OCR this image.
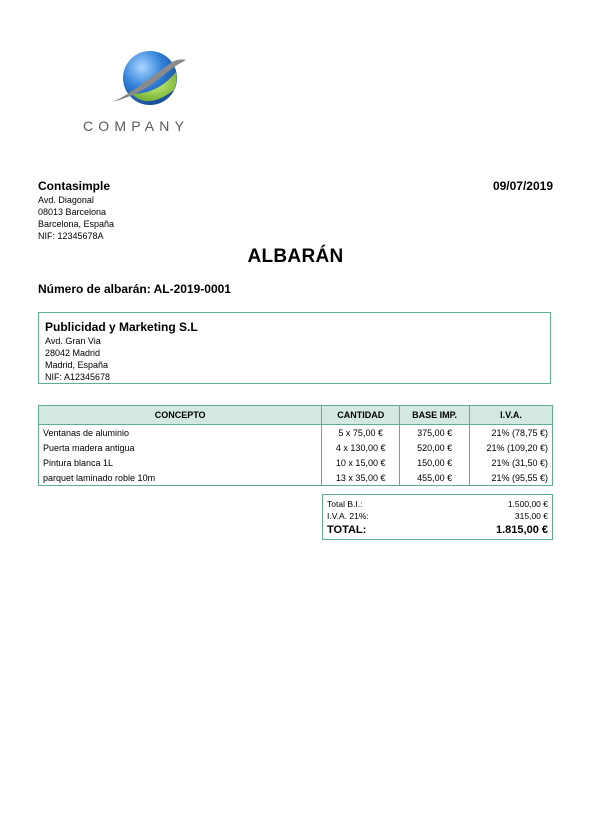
COMPANY
Contasimple
Avd. Diagonal
08013 Barcelona
Barcelona, España
NIF: 12345678A
09/07/2019
ALBARÁN
Número de albarán: AL-2019-0001
Publicidad y Marketing S.L
Avd. Gran Via
28042 Madrid
Madrid, España
NIF: A12345678
CONCEPTO	CANTIDAD	BASE IMP.	I.V.A.
Ventanas de aluminio	5 x 75,00 €	375,00 €	21% (78,75 €)
Puerta madera antigua	4 x 130,00 €	520,00 €	21% (109,20 €)
Pintura blanca 1L	10 x 15,00 €	150,00 €	21% (31,50 €)
parquet laminado roble 10m	13 x 35,00 €	455,00 €	21% (95,55 €)
Total B.I.:	1.500,00 €
I.V.A. 21%:	315,00 €
TOTAL:	1.815,00 €
